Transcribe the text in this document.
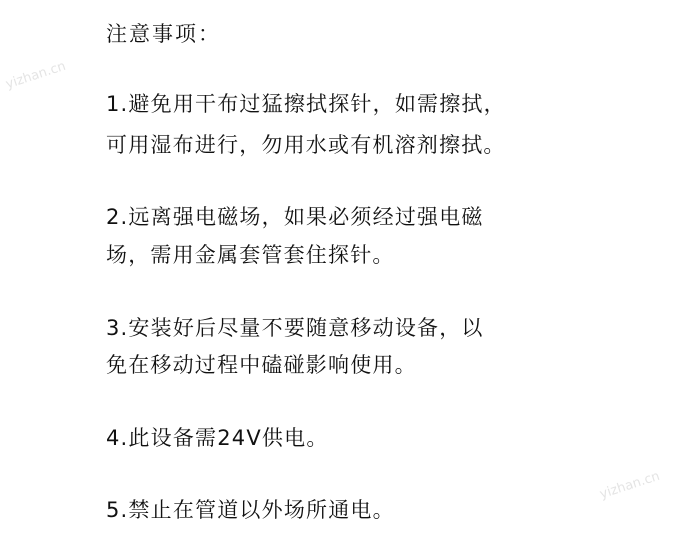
注意事项：
1.避免用干布过猛擦拭探针，如需擦拭，
可用湿布进行，勿用水或有机溶剂擦拭。
2.远离强电磁场，如果必须经过强电磁
场，需用金属套管套住探针。
3.安装好后尽量不要随意移动设备，以
免在移动过程中磕碰影响使用。
4.此设备需24V供电。
5.禁止在管道以外场所通电。
yizhan.cn
yizhan.cn
